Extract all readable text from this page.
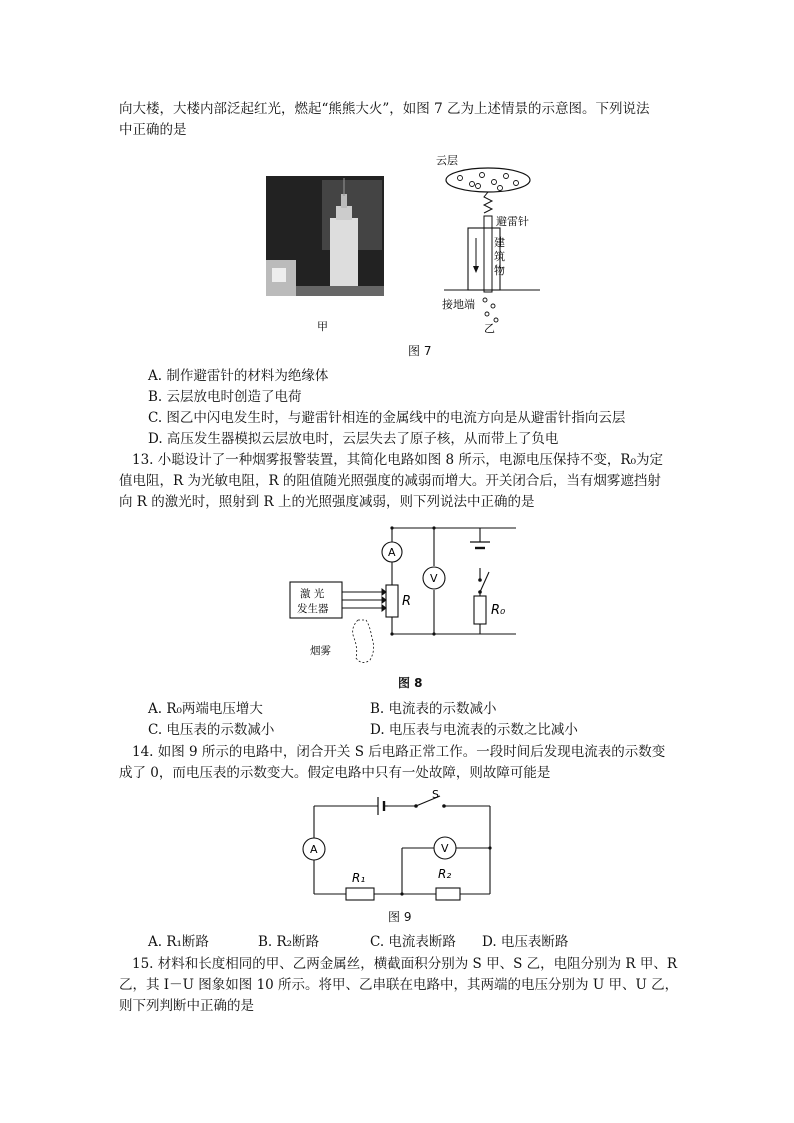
向大楼，大楼内部泛起红光，燃起“熊熊大火”，如图 7 乙为上述情景的示意图。下列说法
中正确的是
甲
云层
避雷针
建
筑
物
接地端
乙
图 7
A. 制作避雷针的材料为绝缘体
B. 云层放电时创造了电荷
C. 图乙中闪电发生时，与避雷针相连的金属线中的电流方向是从避雷针指向云层
D. 高压发生器模拟云层放电时，云层失去了原子核，从而带上了负电
13. 小聪设计了一种烟雾报警装置，其简化电路如图 8 所示，电源电压保持不变，R₀为定
值电阻，R 为光敏电阻，R 的阻值随光照强度的减弱而增大。开关闭合后，当有烟雾遮挡射
向 R 的激光时，照射到 R 上的光照强度减弱，则下列说法中正确的是
A
V
R
R₀
激 光
发生器
烟雾
图 8
A. R₀两端电压增大	B. 电流表的示数减小
C. 电压表的示数减小	D. 电压表与电流表的示数之比减小
14. 如图 9 所示的电路中，闭合开关 S 后电路正常工作。一段时间后发现电流表的示数变
成了 0，而电压表的示数变大。假定电路中只有一处故障，则故障可能是
S
A	V
R₁	R₂
图 9
A. R₁断路	B. R₂断路	C. 电流表断路 D. 电压表断路
15. 材料和长度相同的甲、乙两金属丝，横截面积分别为 S 甲、S 乙，电阻分别为 R 甲、R
乙，其 I－U 图象如图 10 所示。将甲、乙串联在电路中，其两端的电压分别为 U 甲、U 乙，
则下列判断中正确的是
